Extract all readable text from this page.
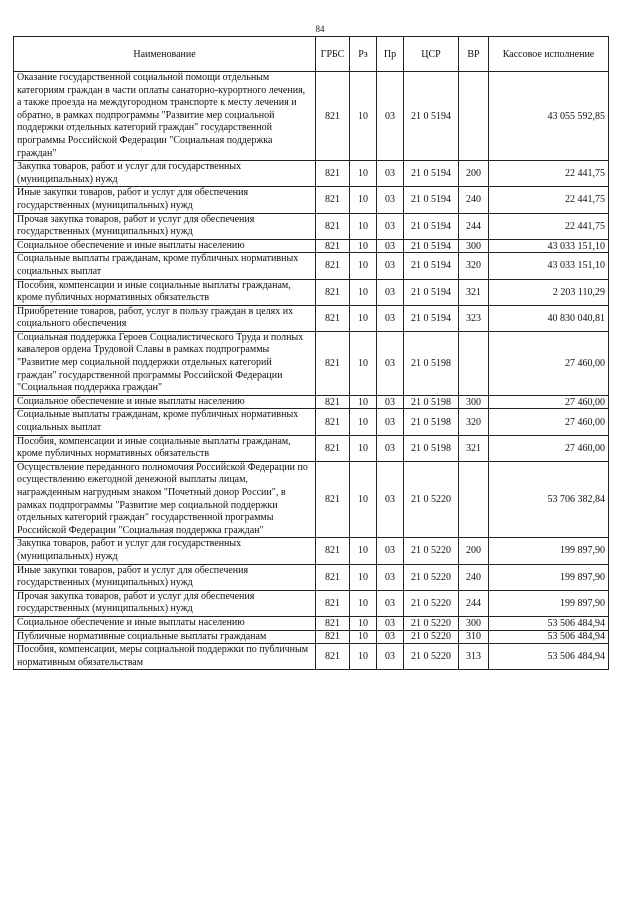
84
Наименование	ГРБС	Рз	Пр	ЦСР	ВР	Кассовое исполнение
Оказание государственной социальной помощи отдельным категориям граждан в части оплаты санаторно-курортного лечения, а также проезда на междугородном транспорте к месту лечения и обратно, в рамках подпрограммы "Развитие мер социальной поддержки отдельных категорий граждан" государственной программы Российской Федерации "Социальная поддержка граждан"	821	10	03	21 0 5194		43 055 592,85
Закупка товаров, работ и услуг для государственных (муниципальных) нужд	821	10	03	21 0 5194	200	22 441,75
Иные закупки товаров, работ и услуг для обеспечения государственных (муниципальных) нужд	821	10	03	21 0 5194	240	22 441,75
Прочая закупка товаров, работ и услуг для обеспечения государственных (муниципальных) нужд	821	10	03	21 0 5194	244	22 441,75
Социальное обеспечение и иные выплаты населению	821	10	03	21 0 5194	300	43 033 151,10
Социальные выплаты гражданам, кроме публичных нормативных социальных выплат	821	10	03	21 0 5194	320	43 033 151,10
Пособия, компенсации и иные социальные выплаты гражданам, кроме публичных нормативных обязательств	821	10	03	21 0 5194	321	2 203 110,29
Приобретение товаров, работ, услуг в пользу граждан в целях их социального обеспечения	821	10	03	21 0 5194	323	40 830 040,81
Социальная поддержка Героев Социалистического Труда и полных кавалеров ордена Трудовой Славы в рамках подпрограммы "Развитие мер социальной поддержки отдельных категорий граждан" государственной программы Российской Федерации "Социальная поддержка граждан"	821	10	03	21 0 5198		27 460,00
Социальное обеспечение и иные выплаты населению	821	10	03	21 0 5198	300	27 460,00
Социальные выплаты гражданам, кроме публичных нормативных социальных выплат	821	10	03	21 0 5198	320	27 460,00
Пособия, компенсации и иные социальные выплаты гражданам, кроме публичных нормативных обязательств	821	10	03	21 0 5198	321	27 460,00
Осуществление переданного полномочия Российской Федерации по осуществлению ежегодной денежной выплаты лицам, награжденным нагрудным знаком "Почетный донор России", в рамках подпрограммы "Развитие мер социальной поддержки отдельных категорий граждан" государственной программы Российской Федерации "Социальная поддержка граждан"	821	10	03	21 0 5220		53 706 382,84
Закупка товаров, работ и услуг для государственных (муниципальных) нужд	821	10	03	21 0 5220	200	199 897,90
Иные закупки товаров, работ и услуг для обеспечения государственных (муниципальных) нужд	821	10	03	21 0 5220	240	199 897,90
Прочая закупка товаров, работ и услуг для обеспечения государственных (муниципальных) нужд	821	10	03	21 0 5220	244	199 897,90
Социальное обеспечение и иные выплаты населению	821	10	03	21 0 5220	300	53 506 484,94
Публичные нормативные социальные выплаты гражданам	821	10	03	21 0 5220	310	53 506 484,94
Пособия, компенсации, меры социальной поддержки по публичным нормативным обязательствам	821	10	03	21 0 5220	313	53 506 484,94
